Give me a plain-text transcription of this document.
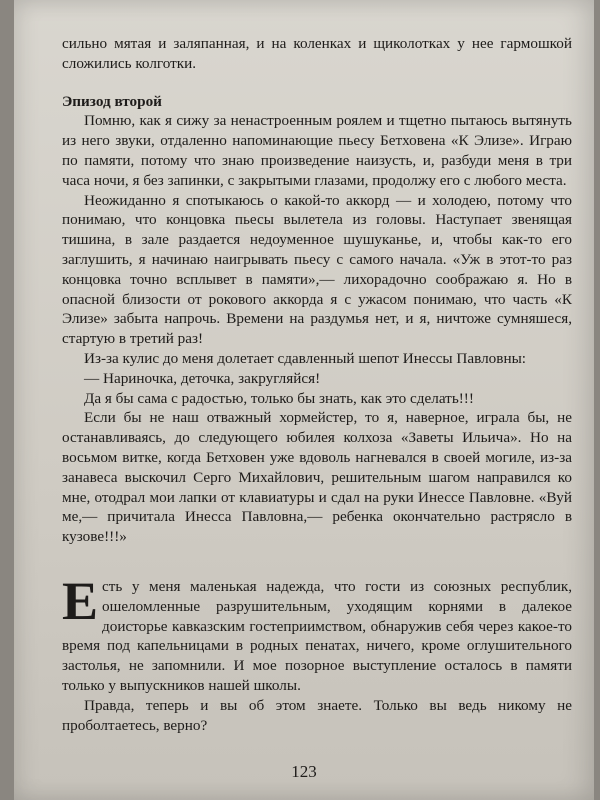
сильно мятая и заляпанная, и на коленках и щиколотках у нее гармошкой сложились колготки.

Эпизод второй

Помню, как я сижу за ненастроенным роялем и тщетно пытаюсь вытянуть из него звуки, отдаленно напоминающие пьесу Бетховена «К Элизе». Играю по памяти, потому что знаю произведение наизусть, и, разбуди меня в три часа ночи, я без запинки, с закрытыми глазами, продолжу его с любого места.

Неожиданно я спотыкаюсь о какой-то аккорд — и холодею, потому что понимаю, что концовка пьесы вылетела из головы. Наступает звенящая тишина, в зале раздается недоуменное шушуканье, и, чтобы как-то его заглушить, я начинаю наигрывать пьесу с самого начала. «Уж в этот-то раз концовка точно всплывет в памяти»,— лихорадочно соображаю я. Но в опасной близости от рокового аккорда я с ужасом понимаю, что часть «К Элизе» забыта напрочь. Времени на раздумья нет, и я, ничтоже сумняшеся, стартую в третий раз!

Из-за кулис до меня долетает сдавленный шепот Инессы Павловны:

— Нариночка, деточка, закругляйся!

Да я бы сама с радостью, только бы знать, как это сделать!!!

Если бы не наш отважный хормейстер, то я, наверное, играла бы, не останавливаясь, до следующего юбилея колхоза «Заветы Ильича». Но на восьмом витке, когда Бетховен уже вдоволь нагневался в своей могиле, из-за занавеса выскочил Серго Михайлович, решительным шагом направился ко мне, отодрал мои лапки от клавиатуры и сдал на руки Инессе Павловне. «Вуй ме,— причитала Инесса Павловна,— ребенка окончательно растрясло в кузове!!!»

Есть у меня маленькая надежда, что гости из союзных республик, ошеломленные разрушительным, уходящим корнями в далекое доисторье кавказским гостеприимством, обнаружив себя через какое-то время под капельницами в родных пенатах, ничего, кроме оглушительного застолья, не запомнили. И мое позорное выступление осталось в памяти только у выпускников нашей школы.

Правда, теперь и вы об этом знаете. Только вы ведь никому не проболтаетесь, верно?

123
